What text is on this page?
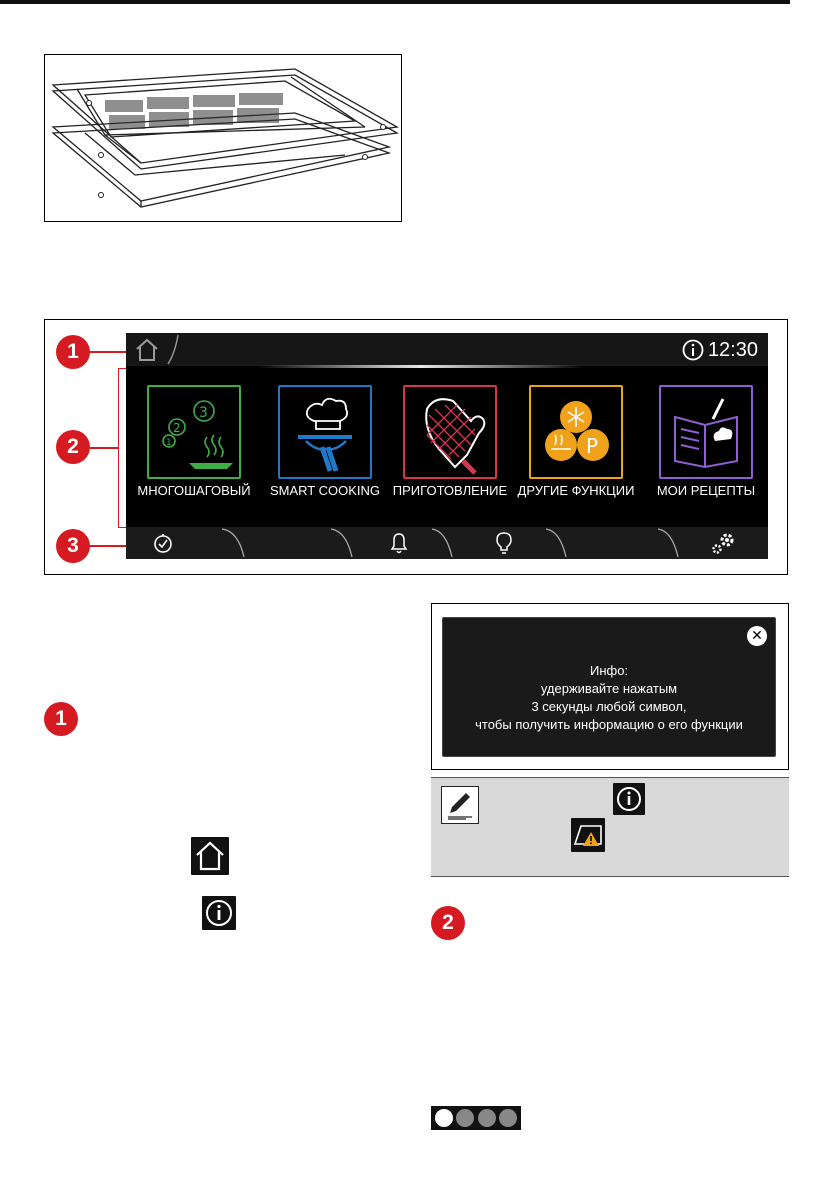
1
2
3
12:30
3
2
1
МНОГОШАГОВЫЙ	SMART COOKING ПРИГОТОВЛЕНИЕ
P
ДРУГИЕ ФУНКЦИИ	МОИ РЕЦЕПТЫ
1
✕
Инфо:
удерживайте нажатым
3 секунды любой символ,
чтобы получить информацию о его функции
2
